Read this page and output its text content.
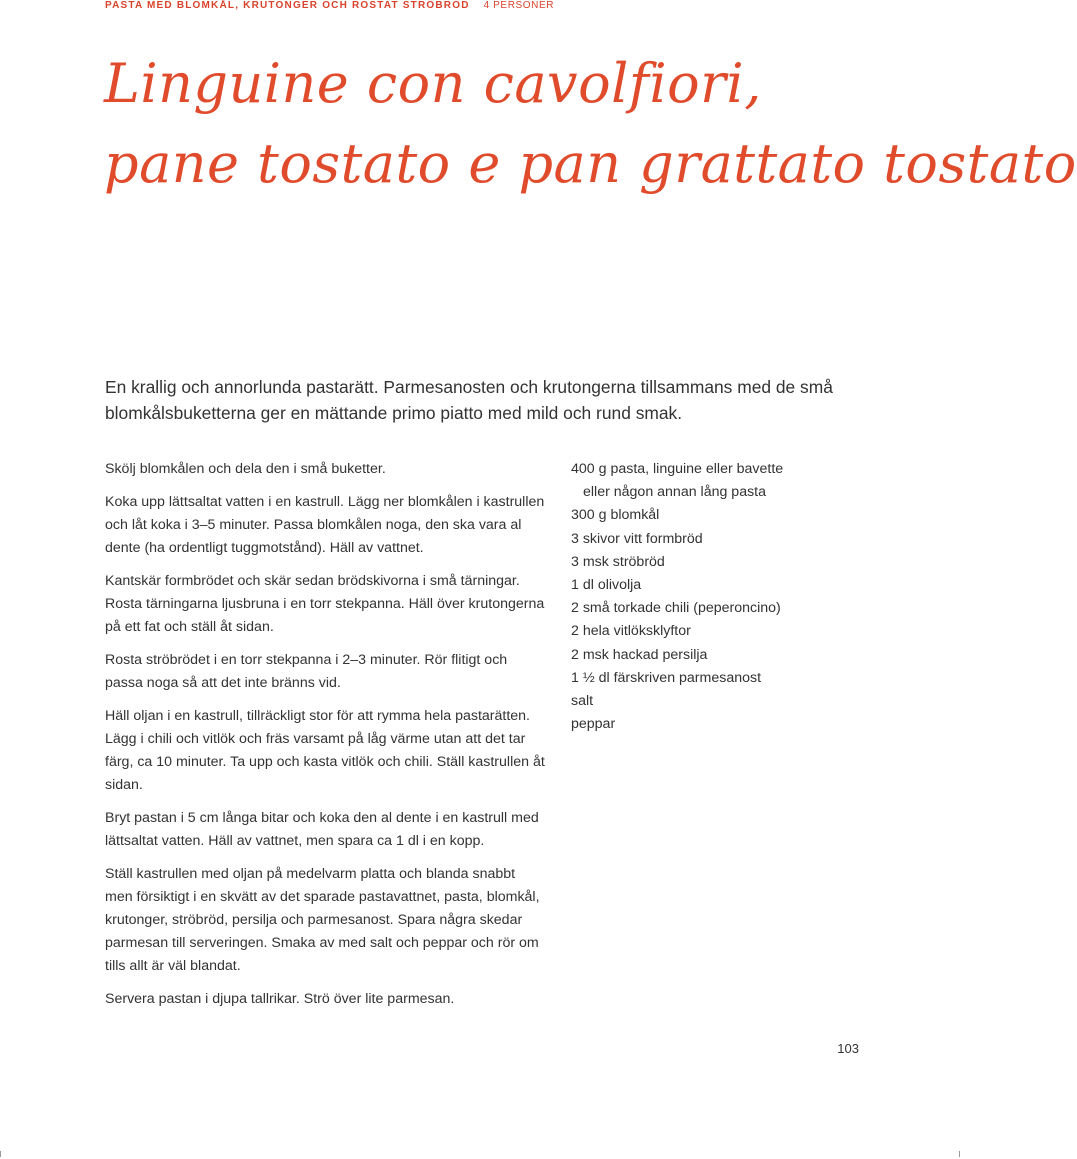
PASTA MED BLOMKÅL, KRUTONGER OCH ROSTAT STRÖBRÖD 4 PERSONER
Linguine con cavolfiori,
pane tostato e pan grattato tostato

En krallig och annorlunda pastarätt. Parmesanosten och krutongerna tillsammans med de små blomkålsbuketterna ger en mättande primo piatto med mild och rund smak.

Skölj blomkålen och dela den i små buketter.

Koka upp lättsaltat vatten i en kastrull. Lägg ner blomkålen i kastrullen och låt koka i 3–5 minuter. Passa blomkålen noga, den ska vara al dente (ha ordentligt tuggmotstånd). Häll av vattnet.

Kantskär formbrödet och skär sedan brödskivorna i små tärningar.

Rosta tärningarna ljusbruna i en torr stekpanna. Häll över krutongerna på ett fat och ställ åt sidan.

Rosta ströbrödet i en torr stekpanna i 2–3 minuter. Rör flitigt och passa noga så att det inte bränns vid.

Häll oljan i en kastrull, tillräckligt stor för att rymma hela pastarätten. Lägg i chili och vitlök och fräs varsamt på låg värme utan att det tar färg, ca 10 minuter. Ta upp och kasta vitlök och chili. Ställ kastrullen åt sidan.

Bryt pastan i 5 cm långa bitar och koka den al dente i en kastrull med lättsaltat vatten. Häll av vattnet, men spara ca 1 dl i en kopp.

Ställ kastrullen med oljan på medelvarm platta och blanda snabbt men försiktigt i en skvätt av det sparade pastavattnet, pasta, blomkål, krutonger, ströbröd, persilja och parmesanost. Spara några skedar parmesan till serveringen. Smaka av med salt och peppar och rör om tills allt är väl blandat.

Servera pastan i djupa tallrikar. Strö över lite parmesan.

400 g pasta, linguine eller bavette
eller någon annan lång pasta
300 g blomkål
3 skivor vitt formbröd
3 msk ströbröd
1 dl olivolja
2 små torkade chili (peperoncino)
2 hela vitlöksklyftor
2 msk hackad persilja
1 ½ dl färskriven parmesanost
salt
peppar
103
